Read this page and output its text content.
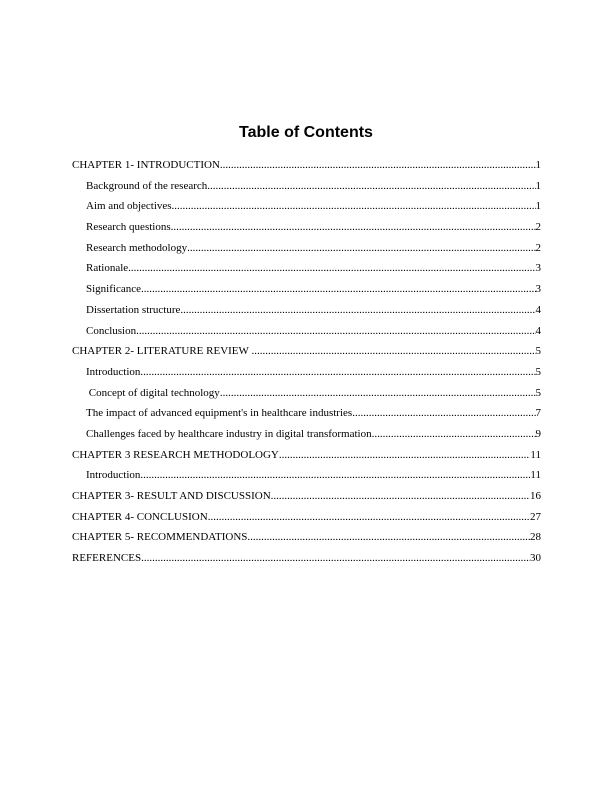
Table of Contents
CHAPTER 1- INTRODUCTION .....	1
Background of the research .....	1
Aim and objectives .....	1
Research questions .....	2
Research methodology .....	2
Rationale .....	3
Significance .....	3
Dissertation structure .....	4
Conclusion .....	4
CHAPTER 2- LITERATURE REVIEW .....	5
Introduction .....	5
Concept of digital technology .....	5
The impact of advanced equipment's in healthcare industries .....	7
Challenges faced by healthcare industry in digital transformation .....	9
CHAPTER 3 RESEARCH METHODOLOGY .....	11
Introduction .....	11
CHAPTER 3- RESULT AND DISCUSSION .....	16
CHAPTER 4- CONCLUSION .....	27
CHAPTER 5- RECOMMENDATIONS .....	28
REFERENCES .....	30
